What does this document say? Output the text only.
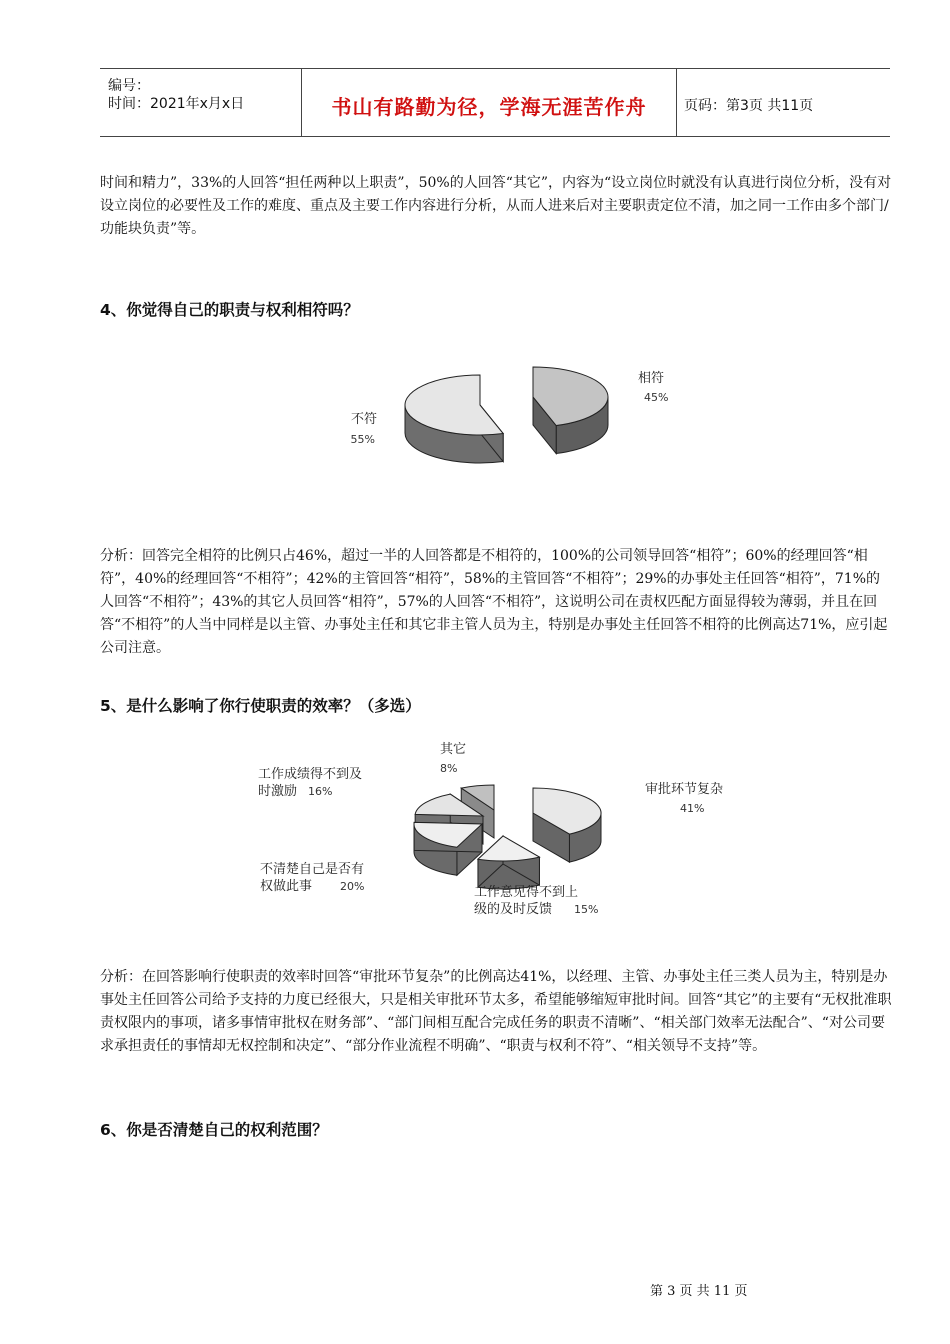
编号：
时间：2021年x月x日	书山有路勤为径，学海无涯苦作舟	页码：第3页 共11页

时间和精力”，33%的人回答“担任两种以上职责”，50%的人回答“其它”，内容为“设立岗位时就没有认真进行岗位分析，没有对设立岗位的必要性及工作的难度、重点及主要工作内容进行分析，从而人进来后对主要职责定位不清，加之同一工作由多个部门/功能块负责”等。

4、你觉得自己的职责与权利相符吗？

相符
45%
不符
55%

分析：回答完全相符的比例只占46%，超过一半的人回答都是不相符的，100%的公司领导回答“相符”；60%的经理回答“相符”，40%的经理回答“不相符”；42%的主管回答“相符”，58%的主管回答“不相符”；29%的办事处主任回答“相符”，71%的人回答“不相符”；43%的其它人员回答“相符”，57%的人回答“不相符”，这说明公司在责权匹配方面显得较为薄弱，并且在回答“不相符”的人当中同样是以主管、办事处主任和其它非主管人员为主，特别是办事处主任回答不相符的比例高达71%，应引起公司注意。

5、是什么影响了你行使职责的效率？（多选）

审批环节复杂
41%
工作意见得不到上
级的及时反馈 15%
不清楚自己是否有
权做此事	20%
工作成绩得不到及
时激励 16%
其它
8%

分析：在回答影响行使职责的效率时回答“审批环节复杂”的比例高达41%，以经理、主管、办事处主任三类人员为主，特别是办事处主任回答公司给予支持的力度已经很大，只是相关审批环节太多，希望能够缩短审批时间。回答“其它”的主要有“无权批准职责权限内的事项，诸多事情审批权在财务部”、“部门间相互配合完成任务的职责不清晰”、“相关部门效率无法配合”、“对公司要求承担责任的事情却无权控制和决定”、“部分作业流程不明确”、“职责与权利不符”、“相关领导不支持”等。

6、你是否清楚自己的权利范围？

第 3 页 共 11 页
